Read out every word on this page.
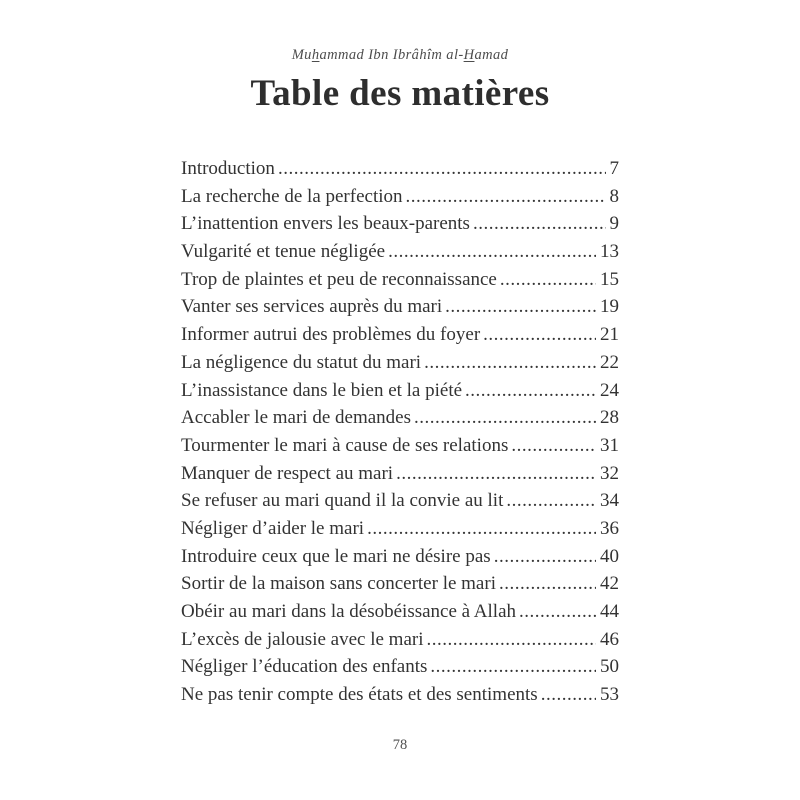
Muhammad Ibn Ibrâhîm al-Hamad
Table des matières
Introduction .....	7
La recherche de la perfection .....	8
L’inattention envers les beaux-parents .....	9
Vulgarité et tenue négligée .....	13
Trop de plaintes et peu de reconnaissance .....	15
Vanter ses services auprès du mari .....	19
Informer autrui des problèmes du foyer .....	21
La négligence du statut du mari .....	22
L’inassistance dans le bien et la piété .....	24
Accabler le mari de demandes .....	28
Tourmenter le mari à cause de ses relations .....	31
Manquer de respect au mari .....	32
Se refuser au mari quand il la convie au lit .....	34
Négliger d’aider le mari .....	36
Introduire ceux que le mari ne désire pas .....	40
Sortir de la maison sans concerter le mari .....	42
Obéir au mari dans la désobéissance à Allah .....	44
L’excès de jalousie avec le mari .....	46
Négliger l’éducation des enfants .....	50
Ne pas tenir compte des états et des sentiments .....	53
78
